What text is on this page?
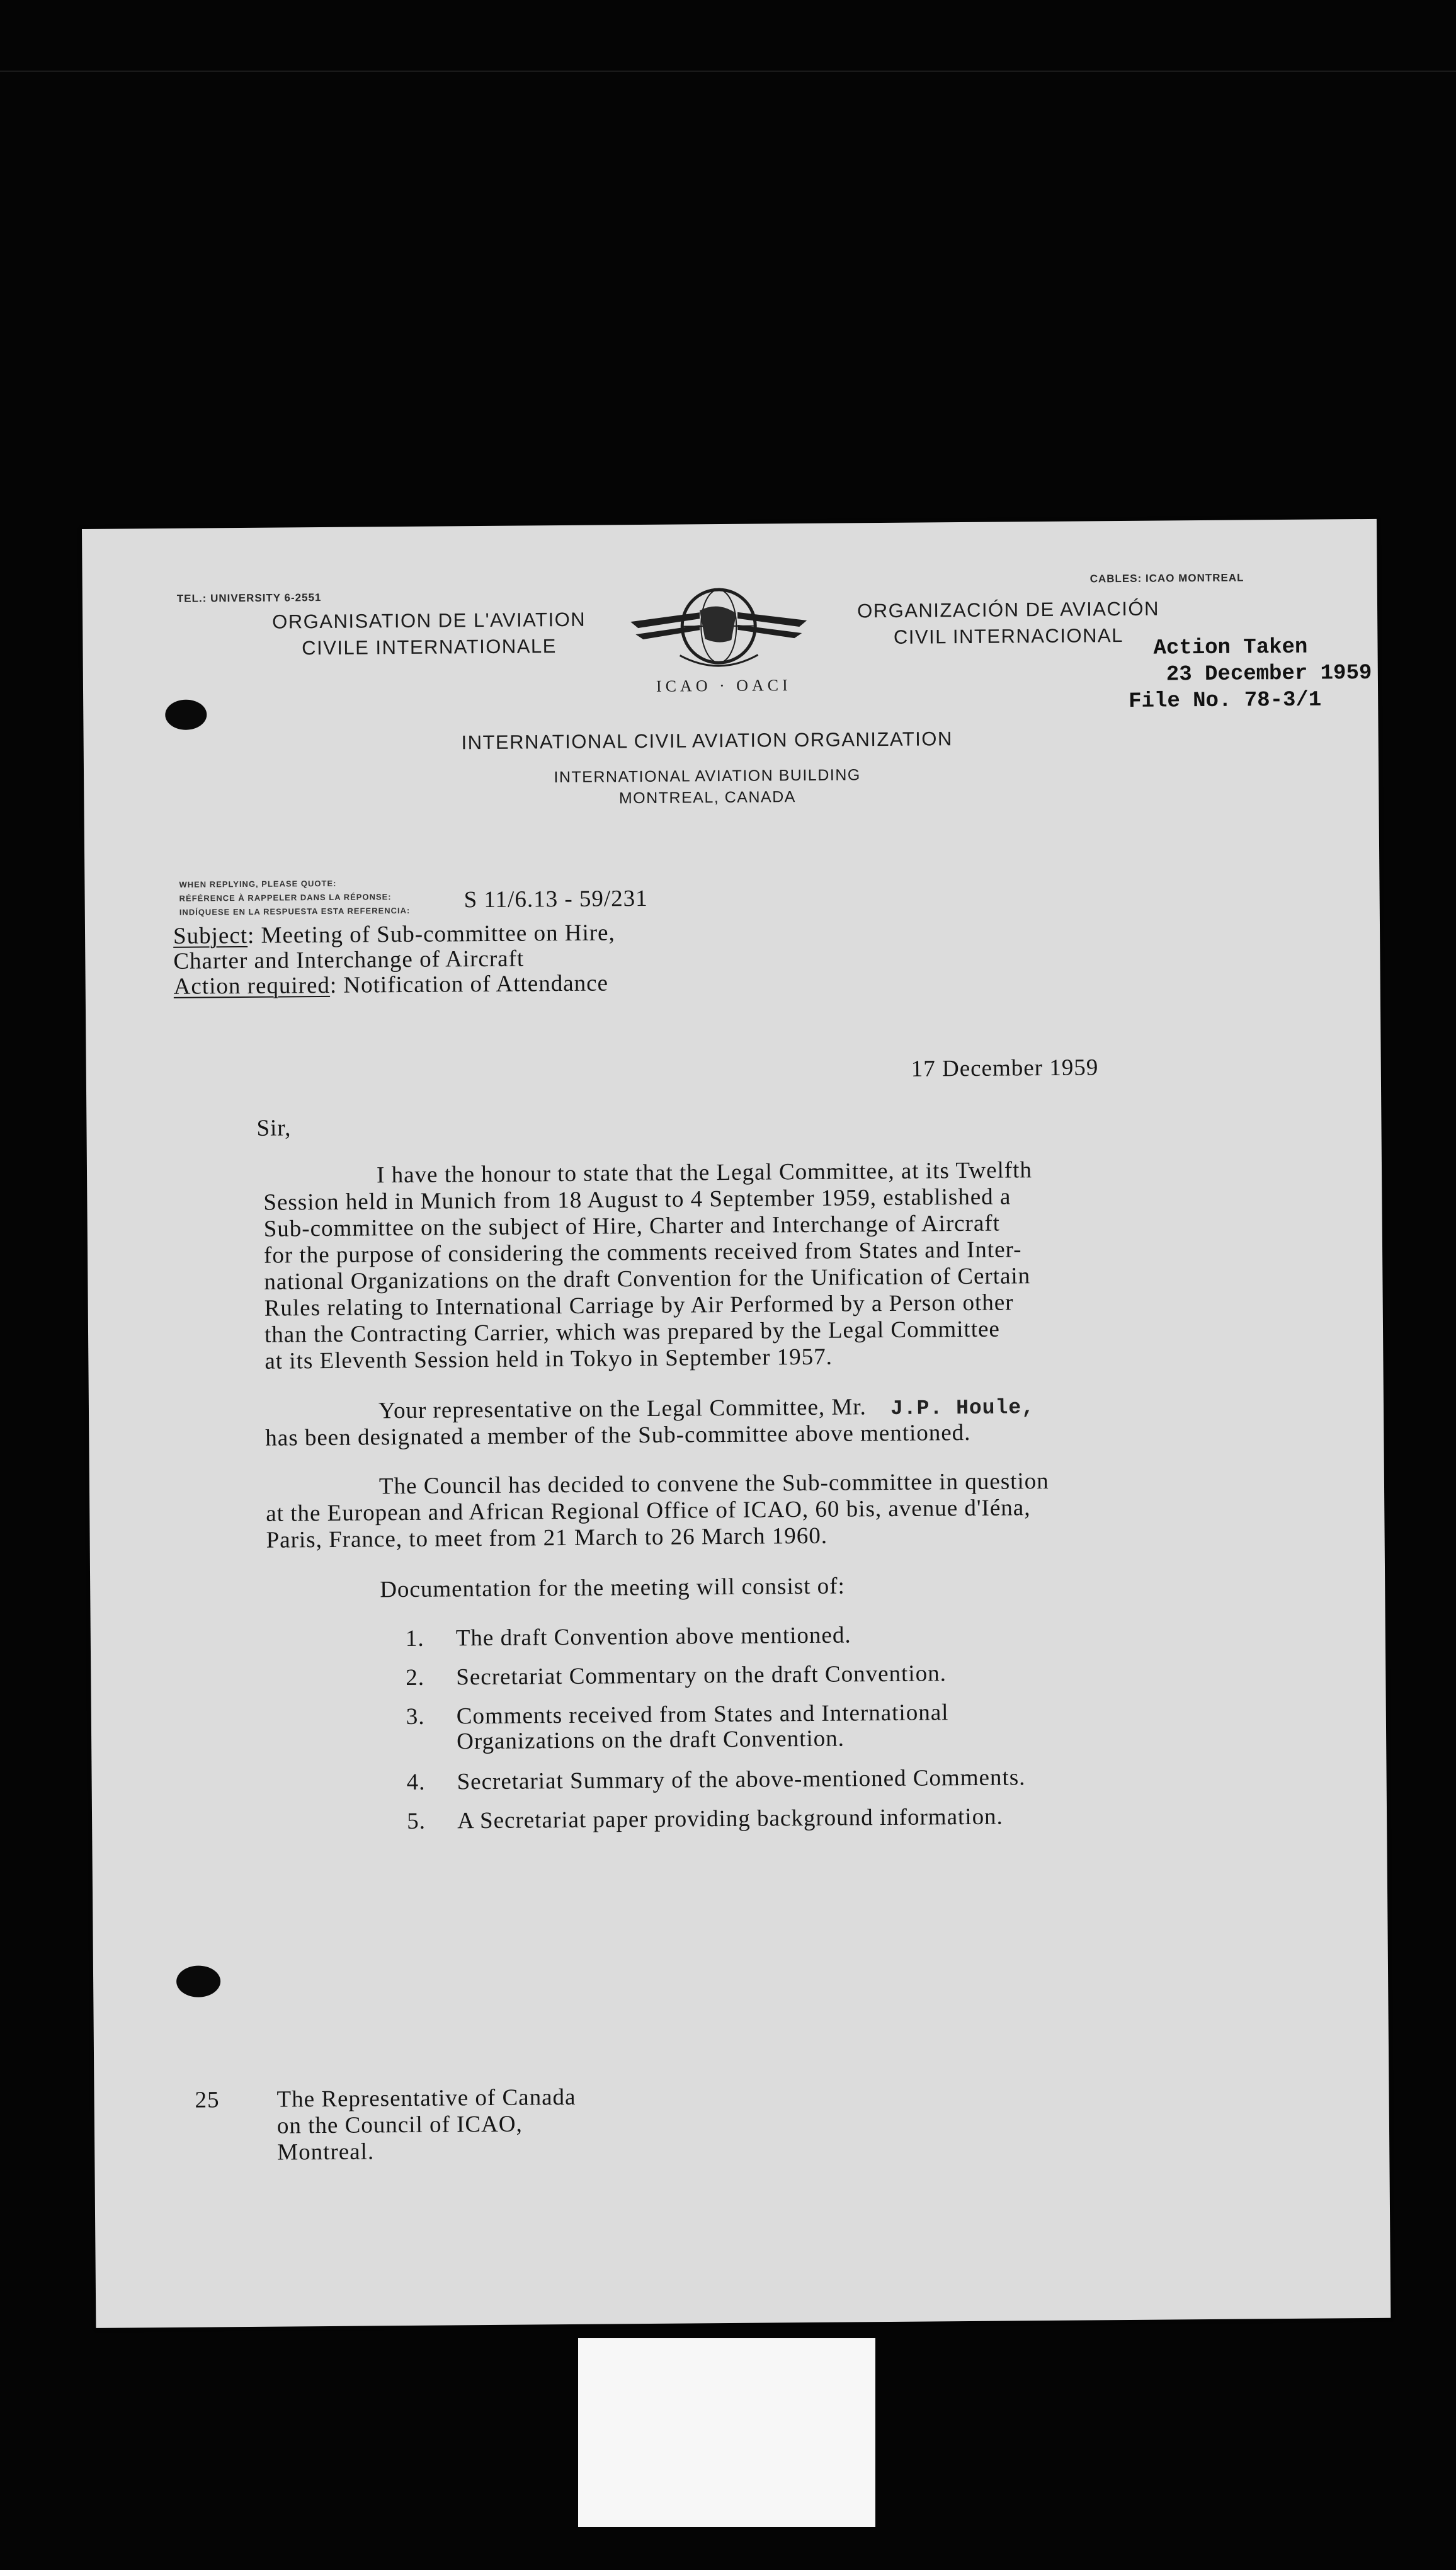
TEL.: UNIVERSITY 6-2551
CABLES: ICAO MONTREAL
ORGANISATION DE L'AVIATION
CIVILE INTERNATIONALE
ICAO · OACI
ORGANIZACIÓN DE AVIACIÓN
CIVIL INTERNACIONAL	Action Taken
23 December 1959
File No. 78-3/1
INTERNATIONAL CIVIL AVIATION ORGANIZATION
INTERNATIONAL AVIATION BUILDING
MONTREAL, CANADA
WHEN REPLYING, PLEASE QUOTE:
RÉFÉRENCE À RAPPELER DANS LA RÉPONSE:
INDÍQUESE EN LA RESPUESTA ESTA REFERENCIA: S 11/6.13 - 59/231
Subject: Meeting of Sub-committee on Hire,
Charter and Interchange of Aircraft
Action required: Notification of Attendance
17 December 1959
Sir,
I have the honour to state that the Legal Committee, at its Twelfth
Session held in Munich from 18 August to 4 September 1959, established a
Sub-committee on the subject of Hire, Charter and Interchange of Aircraft
for the purpose of considering the comments received from States and Inter-
national Organizations on the draft Convention for the Unification of Certain
Rules relating to International Carriage by Air Performed by a Person other
than the Contracting Carrier, which was prepared by the Legal Committee
at its Eleventh Session held in Tokyo in September 1957.
Your representative on the Legal Committee, Mr. J.P. Houle,
has been designated a member of the Sub-committee above mentioned.
The Council has decided to convene the Sub-committee in question
at the European and African Regional Office of ICAO, 60 bis, avenue d'Iéna,
Paris, France, to meet from 21 March to 26 March 1960.
Documentation for the meeting will consist of:
1. The draft Convention above mentioned.
2. Secretariat Commentary on the draft Convention.
3. Comments received from States and International
Organizations on the draft Convention.
4. Secretariat Summary of the above-mentioned Comments.
5. A Secretariat paper providing background information.
25 The Representative of Canada
on the Council of ICAO,
Montreal.
